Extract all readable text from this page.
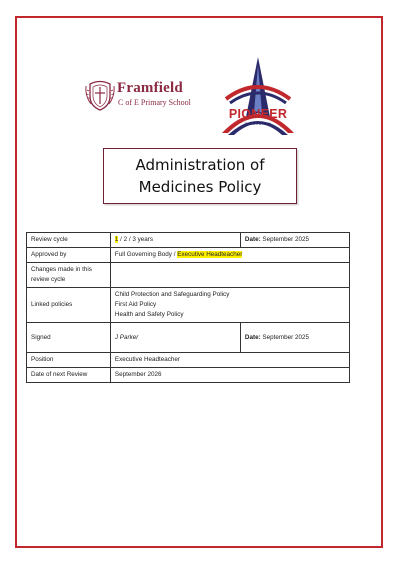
Framfield
C of E Primary School
PIONEER
FEDERATION
Administration of
Medicines Policy
Review cycle	1 / 2 / 3 years	Date: September 2025
Approved by	Full Governing Body / Executive Headteacher	
Changes made in this review cycle		
Linked policies	Child Protection and Safeguarding Policy
First Aid Policy
Health and Safety Policy	

Signed	J Parker	Date: September 2025
Position	Executive Headteacher	
Date of next Review	September 2026	
